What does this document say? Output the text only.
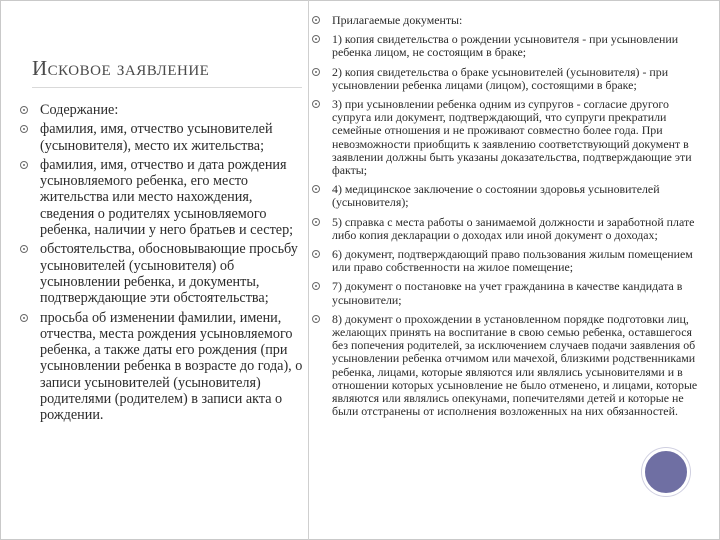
Исковое заявление
Содержание:
фамилия, имя, отчество усыновителей (усыновителя), место их жительства;
фамилия, имя, отчество и дата рождения усыновляемого ребенка, его место жительства или место нахождения, сведения о родителях усыновляемого ребенка, наличии у него братьев и сестер;
обстоятельства, обосновывающие просьбу усыновителей (усыновителя) об усыновлении ребенка, и документы, подтверждающие эти обстоятельства;
просьба об изменении фамилии, имени, отчества, места рождения усыновляемого ребенка, а также даты его рождения (при усыновлении ребенка в возрасте до года), о записи усыновителей (усыновителя) родителями (родителем) в записи акта о рождении.
Прилагаемые документы:
1) копия свидетельства о рождении усыновителя - при усыновлении ребенка лицом, не состоящим в браке;
2) копия свидетельства о браке усыновителей (усыновителя) - при усыновлении ребенка лицами (лицом), состоящими в браке;
3) при усыновлении ребенка одним из супругов - согласие другого супруга или документ, подтверждающий, что супруги прекратили семейные отношения и не проживают совместно более года. При невозможности приобщить к заявлению соответствующий документ в заявлении должны быть указаны доказательства, подтверждающие эти факты;
4) медицинское заключение о состоянии здоровья усыновителей (усыновителя);
5) справка с места работы о занимаемой должности и заработной плате либо копия декларации о доходах или иной документ о доходах;
6) документ, подтверждающий право пользования жилым помещением или право собственности на жилое помещение;
7) документ о постановке на учет гражданина в качестве кандидата в усыновители;
8) документ о прохождении в установленном порядке подготовки лиц, желающих принять на воспитание в свою семью ребенка, оставшегося без попечения родителей, за исключением случаев подачи заявления об усыновлении ребенка отчимом или мачехой, близкими родственниками ребенка, лицами, которые являются или являлись усыновителями и в отношении которых усыновление не было отменено, и лицами, которые являются или являлись опекунами, попечителями детей и которые не были отстранены от исполнения возложенных на них обязанностей.
